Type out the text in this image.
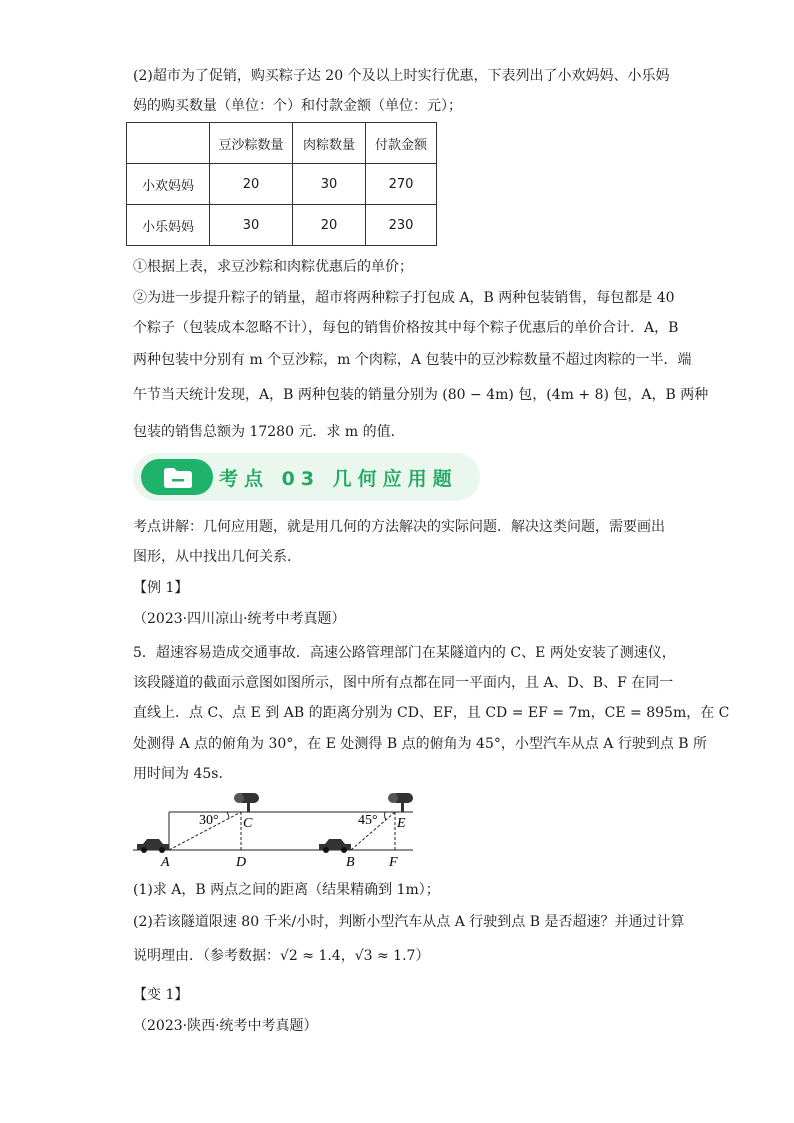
(2)超市为了促销，购买粽子达 20 个及以上时实行优惠，下表列出了小欢妈妈、小乐妈
妈的购买数量（单位：个）和付款金额（单位：元）；
	豆沙粽数量	肉粽数量	付款金额
小欢妈妈	20	30	270
小乐妈妈	30	20	230
①根据上表，求豆沙粽和肉粽优惠后的单价；
②为进一步提升粽子的销量，超市将两种粽子打包成 A，B 两种包装销售，每包都是 40
个粽子（包装成本忽略不计），每包的销售价格按其中每个粽子优惠后的单价合计．A，B
两种包装中分别有 m 个豆沙粽，m 个肉粽，A 包装中的豆沙粽数量不超过肉粽的一半．端
午节当天统计发现，A，B 两种包装的销量分别为 (80 − 4m) 包，(4m + 8) 包，A，B 两种
包装的销售总额为 17280 元．求 m 的值．
考点 03 几何应用题
考点讲解：几何应用题，就是用几何的方法解决的实际问题．解决这类问题，需要画出
图形，从中找出几何关系．
【例 1】
（2023·四川凉山·统考中考真题）
5．超速容易造成交通事故．高速公路管理部门在某隧道内的 C、E 两处安装了测速仪，
该段隧道的截面示意图如图所示，图中所有点都在同一平面内，且 A、D、B、F 在同一
直线上．点 C、点 E 到 AB 的距离分别为 CD、EF，且 CD = EF = 7m，CE = 895m，在 C
处测得 A 点的俯角为 30°，在 E 处测得 B 点的俯角为 45°，小型汽车从点 A 行驶到点 B 所
用时间为 45s．
30°	45°
C	E
A	D	B F
(1)求 A，B 两点之间的距离（结果精确到 1m）；
(2)若该隧道限速 80 千米/小时，判断小型汽车从点 A 行驶到点 B 是否超速？并通过计算
说明理由．（参考数据：√2 ≈ 1.4，√3 ≈ 1.7）
【变 1】
（2023·陕西·统考中考真题）
